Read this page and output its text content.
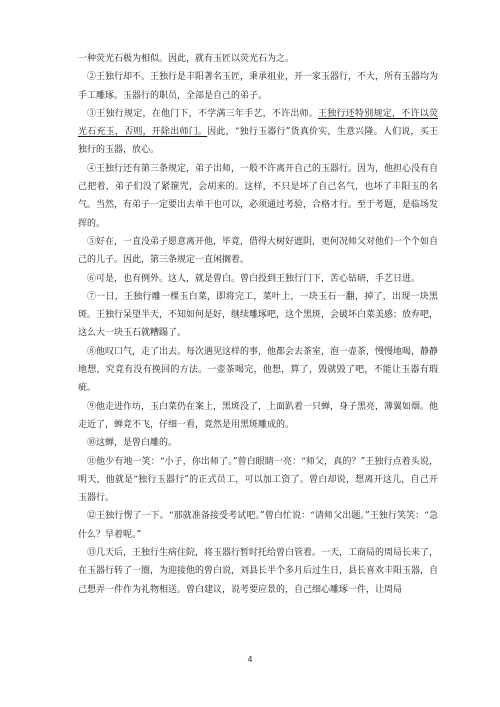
一种荧光石极为相似。因此，就有玉匠以荧光石为之。

②王独行却不。王独行是丰阳著名玉匠，秉承祖业，开一家玉器行，不大，所有玉器均为手工雕琢。玉器行的职员，全部是自己的弟子。

③王独行规定，在他门下，不学满三年手艺，不许出师。王独行还特别规定，不许以荧光石充玉，否则，开除出师门。因此，“独行玉器行”货真价实，生意兴隆。人们说，买王独行的玉器，放心。

④王独行还有第三条规定，弟子出师，一般不许离开自己的玉器行。因为，他担心没有自己把着，弟子们没了紧箍咒，会胡来的。这样，不只是坏了自己名气，也坏了丰阳玉的名气。当然，有弟子一定要出去单干也可以，必须通过考验，合格才行。至于考题，是临场发挥的。

⑤好在，一直没弟子愿意离开他，毕竟，借得大树好遮阴，更何况师父对他们一个个如自己的儿子。因此，第三条规定一直闲搁着。

⑥可是，也有例外。这人，就是曾白。曾白投到王独行门下，苦心钻研，手艺日进。

⑦一日，王独行雕一棵玉白菜，即将完工，菜叶上，一块玉石一翻，掉了，出现一块黑斑。王独行呆望半天，不知如何是好，继续雕琢吧，这个黑斑，会破坏白菜美感；放弃吧，这么大一块玉石就糟蹋了。

⑧他叹口气，走了出去。每次遇见这样的事，他都会去茶室，泡一壶茶，慢慢地喝，静静地想，究竟有没有挽回的方法。一壶茶喝完，他想，算了，毁就毁了吧，不能让玉器有瑕疵。

⑨他走进作坊，玉白菜仍在案上，黑斑没了，上面趴着一只蝉，身子黑亮，薄翼如烟。他走近了，蝉竟不飞，仔细一看，竟然是用黑斑雕成的。

⑩这蝉，是曾白雕的。

⑪他少有地一笑：“小子，你出师了。”曾白眼睛一亮：“师父，真的？”王独行点着头说，明天，他就是“独行玉器行”的正式员工，可以加工资了。曾白却说，想离开这儿，自己开玉器行。

⑫王独行愣了一下。“那就准备接受考试吧。”曾白忙说：“请师父出题。”王独行笑笑：“急什么？早着呢。”

⑬几天后，王独行生病住院，将玉器行暂时托给曾白管着。一天，工商局的周局长来了，在玉器行转了一圈，为迎接他的曾白说，刘县长半个多月后过生日，县长喜欢丰阳玉器，自己想弄一件作为礼物相送。曾白建议，说考要应景的，自己细心雕琢一件，让周局

4
